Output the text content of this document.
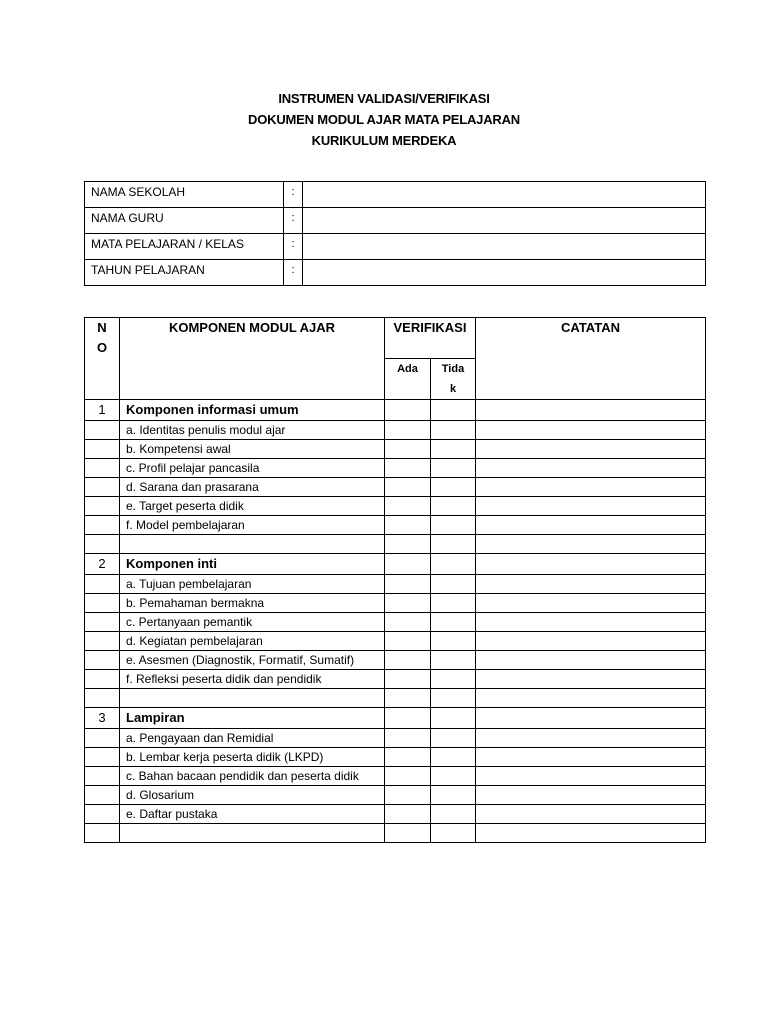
INSTRUMEN VALIDASI/VERIFIKASI
DOKUMEN MODUL AJAR MATA PELAJARAN
KURIKULUM MERDEKA
NAMA SEKOLAH	:	
NAMA GURU	:	
MATA PELAJARAN / KELAS	:	
TAHUN PELAJARAN	:	
NO	KOMPONEN MODUL AJAR	VERIFIKASI		CATATAN
		Ada	Tidak	

1	Komponen informasi umum			
	a. Identitas penulis modul ajar			
	b. Kompetensi awal			
	c. Profil pelajar pancasila			
	d. Sarana dan prasarana			
	e. Target peserta didik			
	f. Model pembelajaran			

2	Komponen inti			
	a. Tujuan pembelajaran			
	b. Pemahaman bermakna			
	c. Pertanyaan pemantik			
	d. Kegiatan pembelajaran			
	e. Asesmen (Diagnostik, Formatif, Sumatif)			
	f. Refleksi peserta didik dan pendidik			

3	Lampiran			
	a. Pengayaan dan Remidial			
	b. Lembar kerja peserta didik (LKPD)			
	c. Bahan bacaan pendidik dan peserta didik			
	d. Glosarium			
	e. Daftar pustaka			
